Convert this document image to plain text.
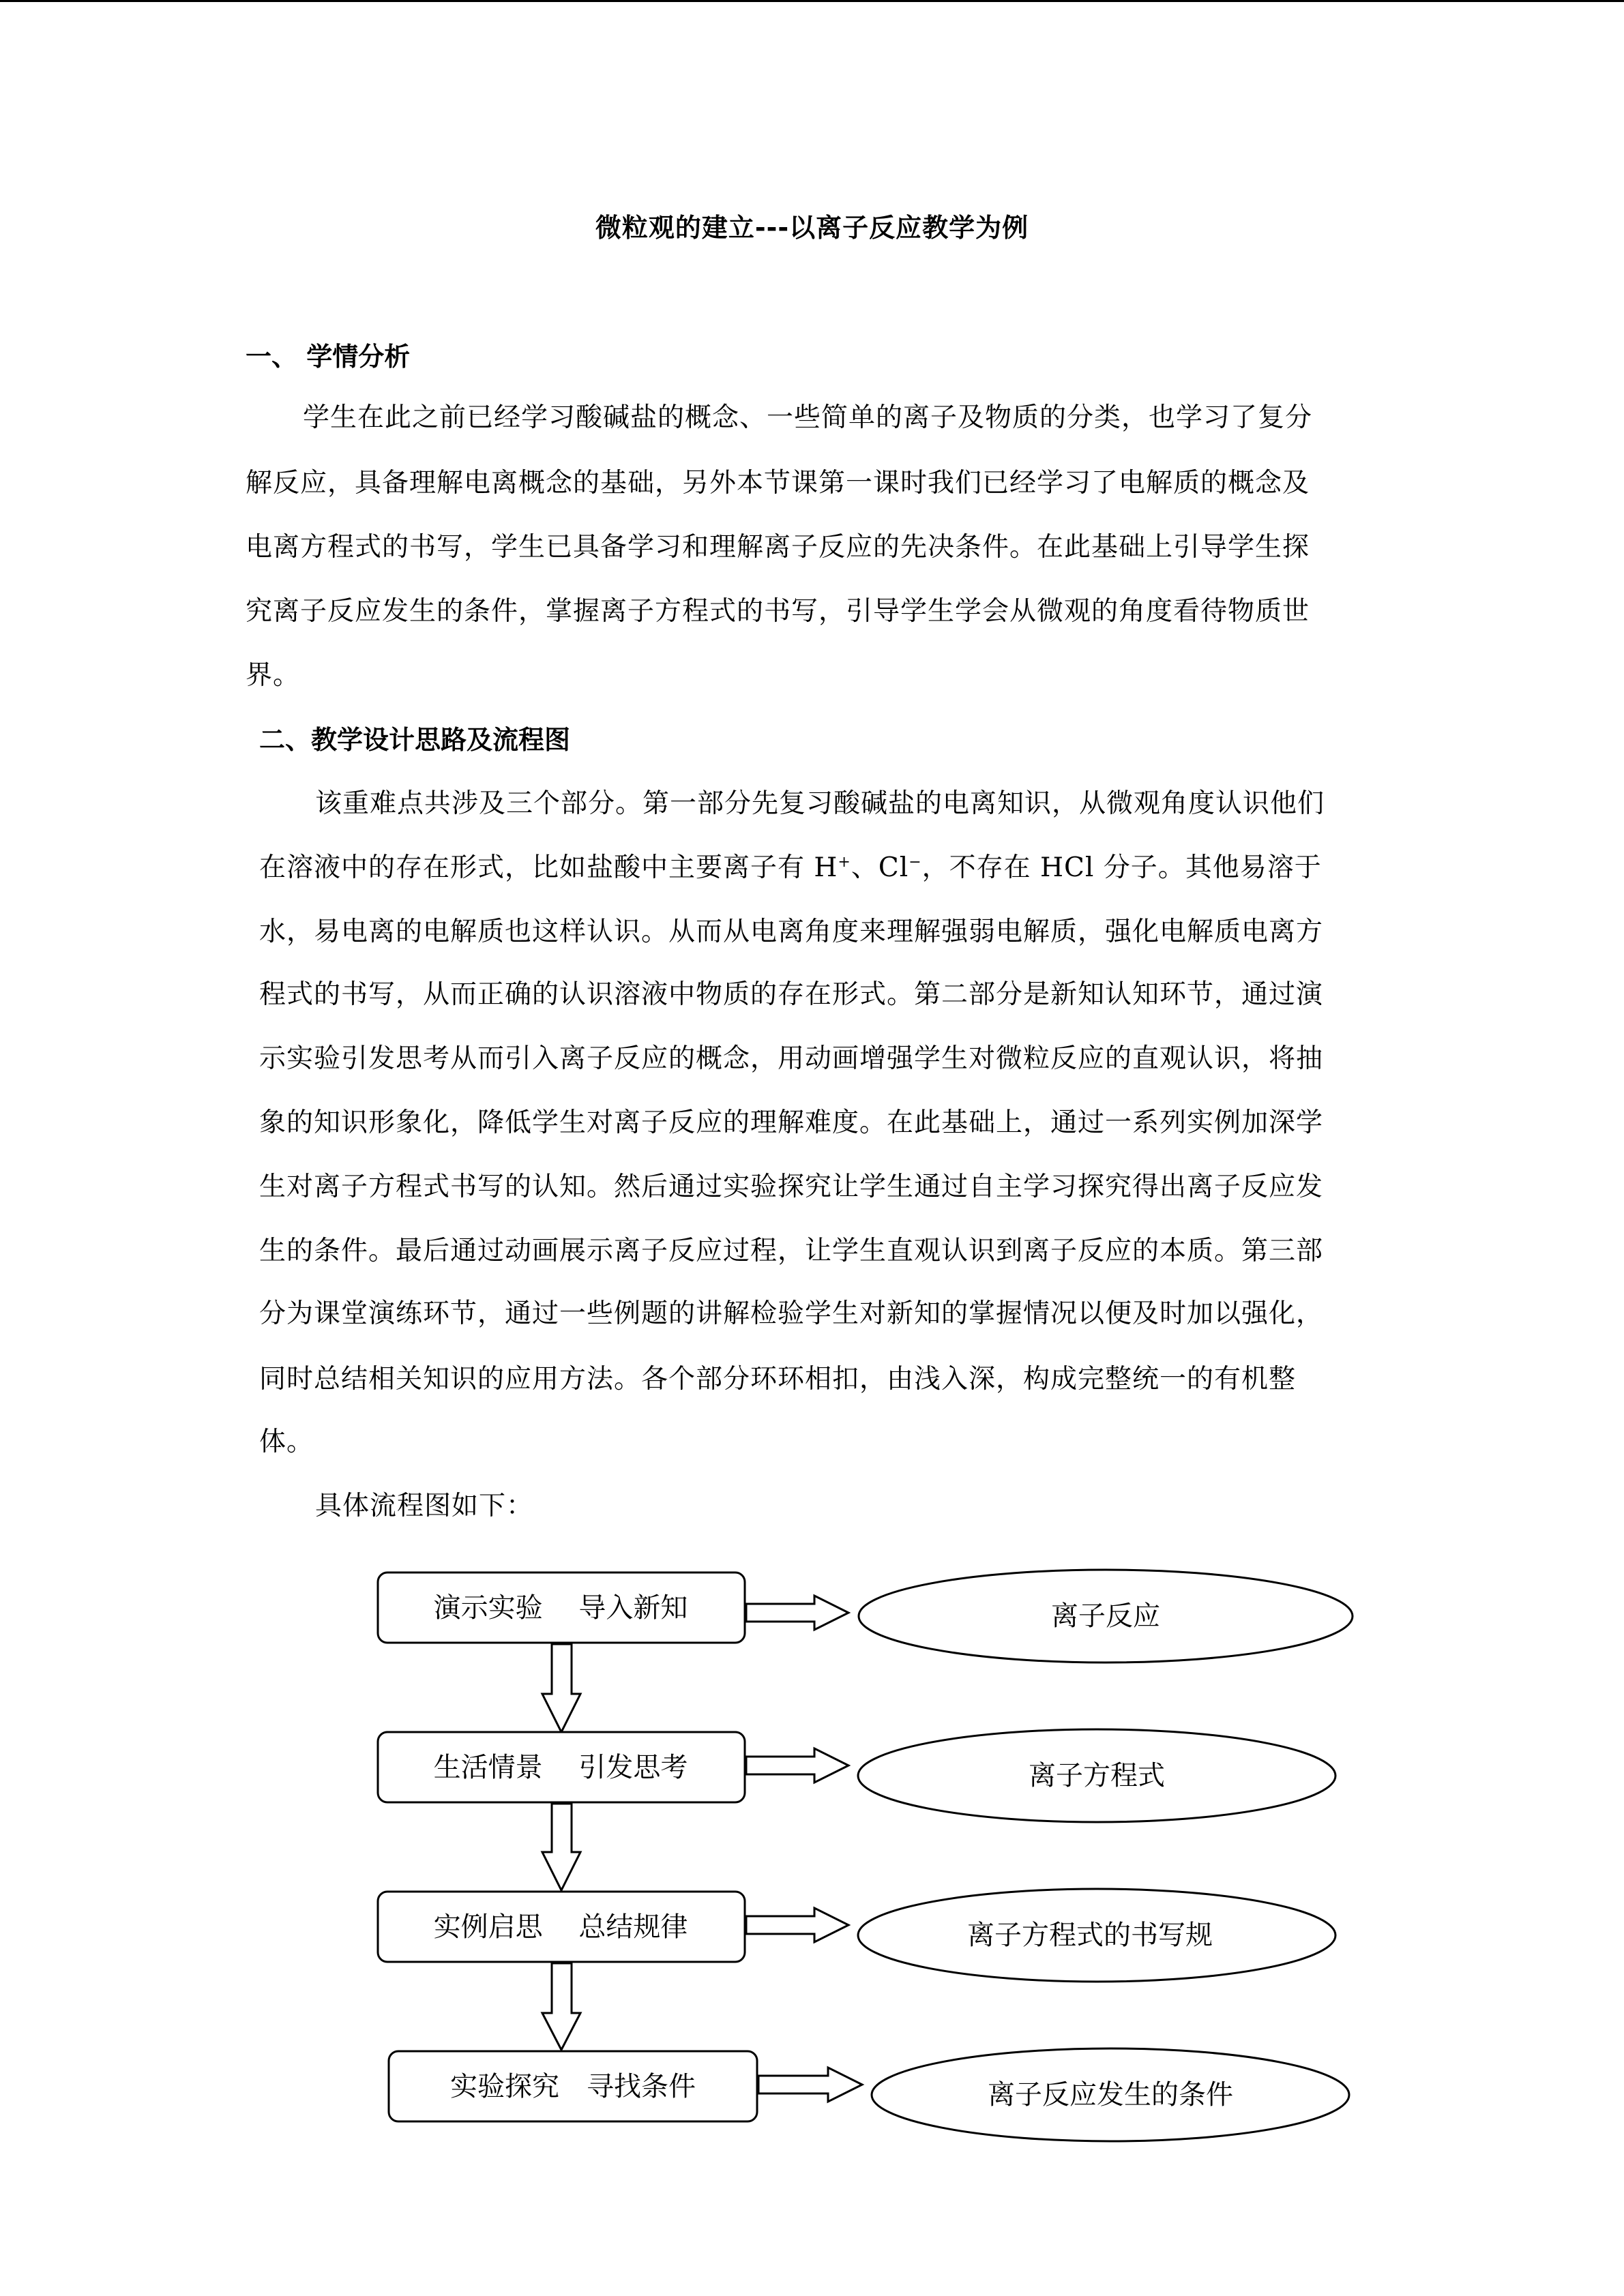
微粒观的建立---以离子反应教学为例
一、 学情分析
学生在此之前已经学习酸碱盐的概念、一些简单的离子及物质的分类，也学习了复分
解反应，具备理解电离概念的基础，另外本节课第一课时我们已经学习了电解质的概念及
电离方程式的书写，学生已具备学习和理解离子反应的先决条件。在此基础上引导学生探
究离子反应发生的条件，掌握离子方程式的书写，引导学生学会从微观的角度看待物质世
界。
二、教学设计思路及流程图
该重难点共涉及三个部分。第一部分先复习酸碱盐的电离知识，从微观角度认识他们
在溶液中的存在形式，比如盐酸中主要离子有 H+、Cl−，不存在 HCl 分子。其他易溶于
水，易电离的电解质也这样认识。从而从电离角度来理解强弱电解质，强化电解质电离方
程式的书写，从而正确的认识溶液中物质的存在形式。第二部分是新知认知环节，通过演
示实验引发思考从而引入离子反应的概念，用动画增强学生对微粒反应的直观认识，将抽
象的知识形象化，降低学生对离子反应的理解难度。在此基础上，通过一系列实例加深学
生对离子方程式书写的认知。然后通过实验探究让学生通过自主学习探究得出离子反应发
生的条件。最后通过动画展示离子反应过程，让学生直观认识到离子反应的本质。第三部
分为课堂演练环节，通过一些例题的讲解检验学生对新知的掌握情况以便及时加以强化，
同时总结相关知识的应用方法。各个部分环环相扣，由浅入深，构成完整统一的有机整
体。
具体流程图如下：
演示实验　 导入新知	离子反应
生活情景　 引发思考	离子方程式
实例启思　 总结规律	离子方程式的书写规
实验探究　寻找条件	离子反应发生的条件
